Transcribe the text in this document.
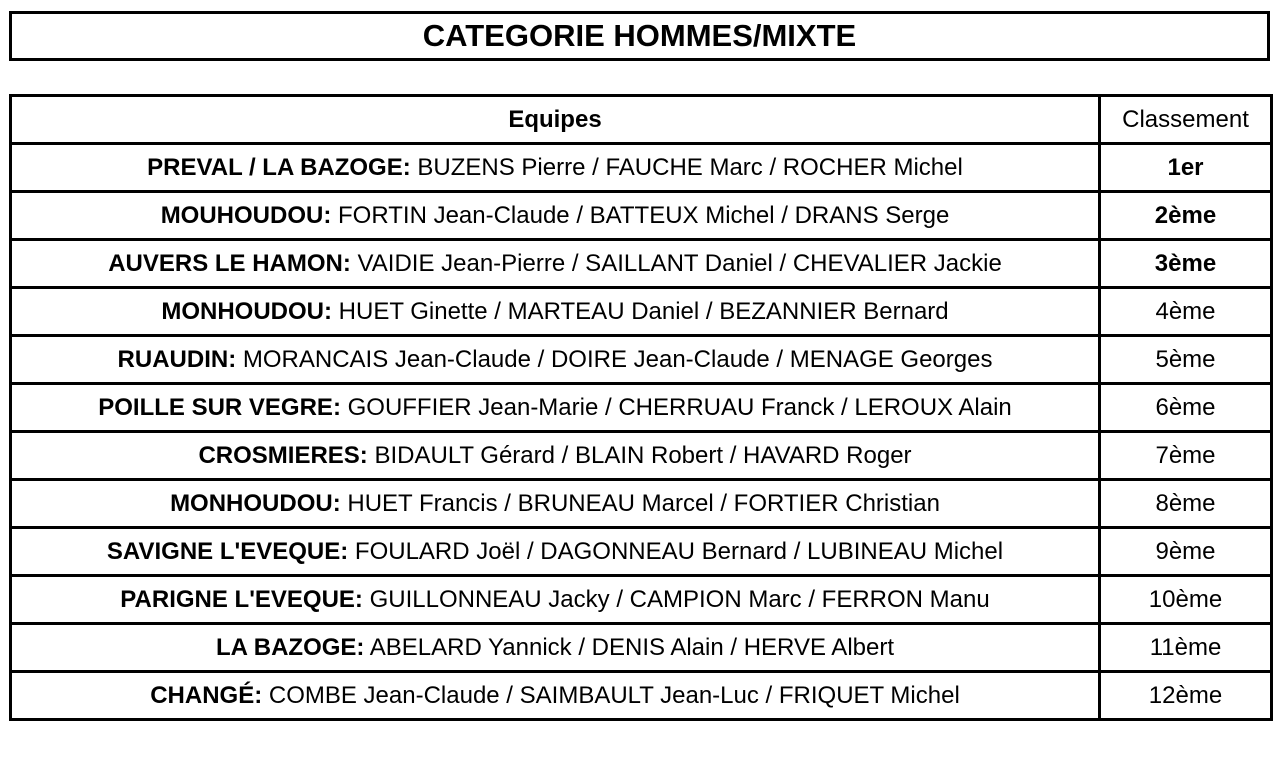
CATEGORIE HOMMES/MIXTE
Equipes	Classement
PREVAL / LA BAZOGE: BUZENS Pierre / FAUCHE Marc / ROCHER Michel	1er
MOUHOUDOU: FORTIN Jean-Claude / BATTEUX Michel / DRANS Serge	2ème
AUVERS LE HAMON: VAIDIE Jean-Pierre / SAILLANT Daniel / CHEVALIER Jackie	3ème
MONHOUDOU: HUET Ginette / MARTEAU Daniel / BEZANNIER Bernard	4ème
RUAUDIN: MORANCAIS Jean-Claude / DOIRE Jean-Claude / MENAGE Georges	5ème
POILLE SUR VEGRE: GOUFFIER Jean-Marie / CHERRUAU Franck / LEROUX Alain	6ème
CROSMIERES: BIDAULT Gérard / BLAIN Robert / HAVARD Roger	7ème
MONHOUDOU: HUET Francis / BRUNEAU Marcel / FORTIER Christian	8ème
SAVIGNE L'EVEQUE: FOULARD Joël / DAGONNEAU Bernard / LUBINEAU Michel	9ème
PARIGNE L'EVEQUE: GUILLONNEAU Jacky / CAMPION Marc / FERRON Manu	10ème
LA BAZOGE: ABELARD Yannick / DENIS Alain / HERVE Albert	11ème
CHANGÉ: COMBE Jean-Claude / SAIMBAULT Jean-Luc / FRIQUET Michel	12ème
